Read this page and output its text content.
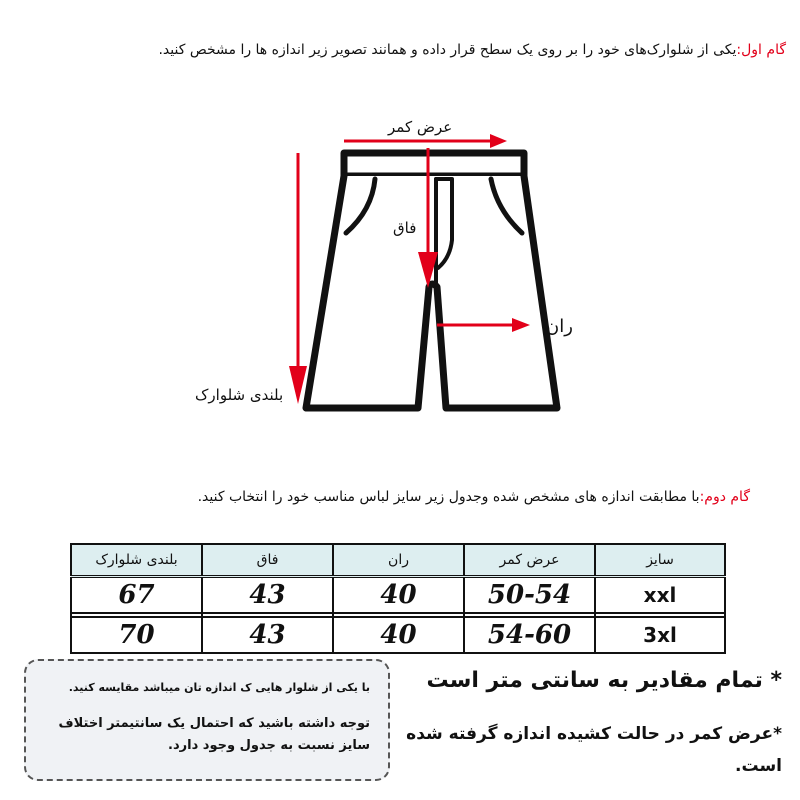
گام اول:یکی از شلوارک‌های خود را بر روی یک سطح قرار داده و همانند تصویر زیر اندازه ها را مشخص کنید.
عرض کمر
فاق
ران
بلندی شلوارک
گام دوم:با مطابقت اندازه های مشخص شده وجدول زیر سایز لباس مناسب خود را انتخاب کنید.
بلندی شلوارک	فاق	ران	عرض کمر	سایز
67	43	40	50-54	xxl

70	43	40	54-60	3xl
با یکی از شلوار هایی ک اندازه تان میباشد مقایسه کنید.
توجه داشته باشید که احتمال یک سانتیمتر اختلاف سایز نسبت به جدول وجود دارد.
* تمام مقادیر به سانتی متر است
*عرض کمر در حالت کشیده اندازه گرفته شده است.
